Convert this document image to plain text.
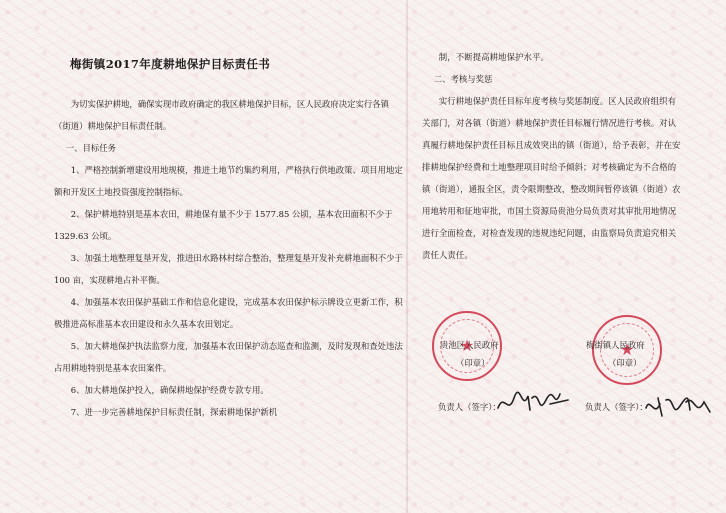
梅街镇2017年度耕地保护目标责任书

为切实保护耕地，确保实现市政府确定的我区耕地保护目标，区人民政府决定实行各镇（街道）耕地保护目标责任制。

一、目标任务

1、严格控制新增建设用地规模，推进土地节约集约利用，严格执行供地政策、项目用地定额和开发区土地投资强度控制指标。

2、保护耕地特别是基本农田，耕地保有量不少于 1577.85 公顷，基本农田面积不少于 1329.63 公顷。

3、加强土地整理复垦开发，推进田水路林村综合整治，整理复垦开发补充耕地面积不少于 100 亩，实现耕地占补平衡。

4、加强基本农田保护基础工作和信息化建设，完成基本农田保护标示牌设立更新工作，积极推进高标准基本农田建设和永久基本农田划定。

5、加大耕地保护执法监察力度，加强基本农田保护动态巡查和监测，及时发现和查处违法占用耕地特别是基本农田案件。

6、加大耕地保护投入，确保耕地保护经费专款专用。

7、进一步完善耕地保护目标责任制，探索耕地保护新机

制，不断提高耕地保护水平。

二、考核与奖惩

实行耕地保护责任目标年度考核与奖惩制度。区人民政府组织有关部门，对各镇（街道）耕地保护责任目标履行情况进行考核。对认真履行耕地保护责任目标且成效突出的镇（街道），给予表彰，并在安排耕地保护经费和土地整理项目时给予倾斜；对考核确定为不合格的镇（街道），通报全区，责令限期整改，整改期间暂停该镇（街道）农用地转用和征地审批，市国土资源局贵池分局负责对其审批用地情况进行全面检查，对检查发现的违规违纪问题，由监察局负责追究相关责任人责任。

★
★
贵池区人民政府	梅街镇人民政府
（印章）	（印章）
负责人（签字）：	负责人（签字）：
